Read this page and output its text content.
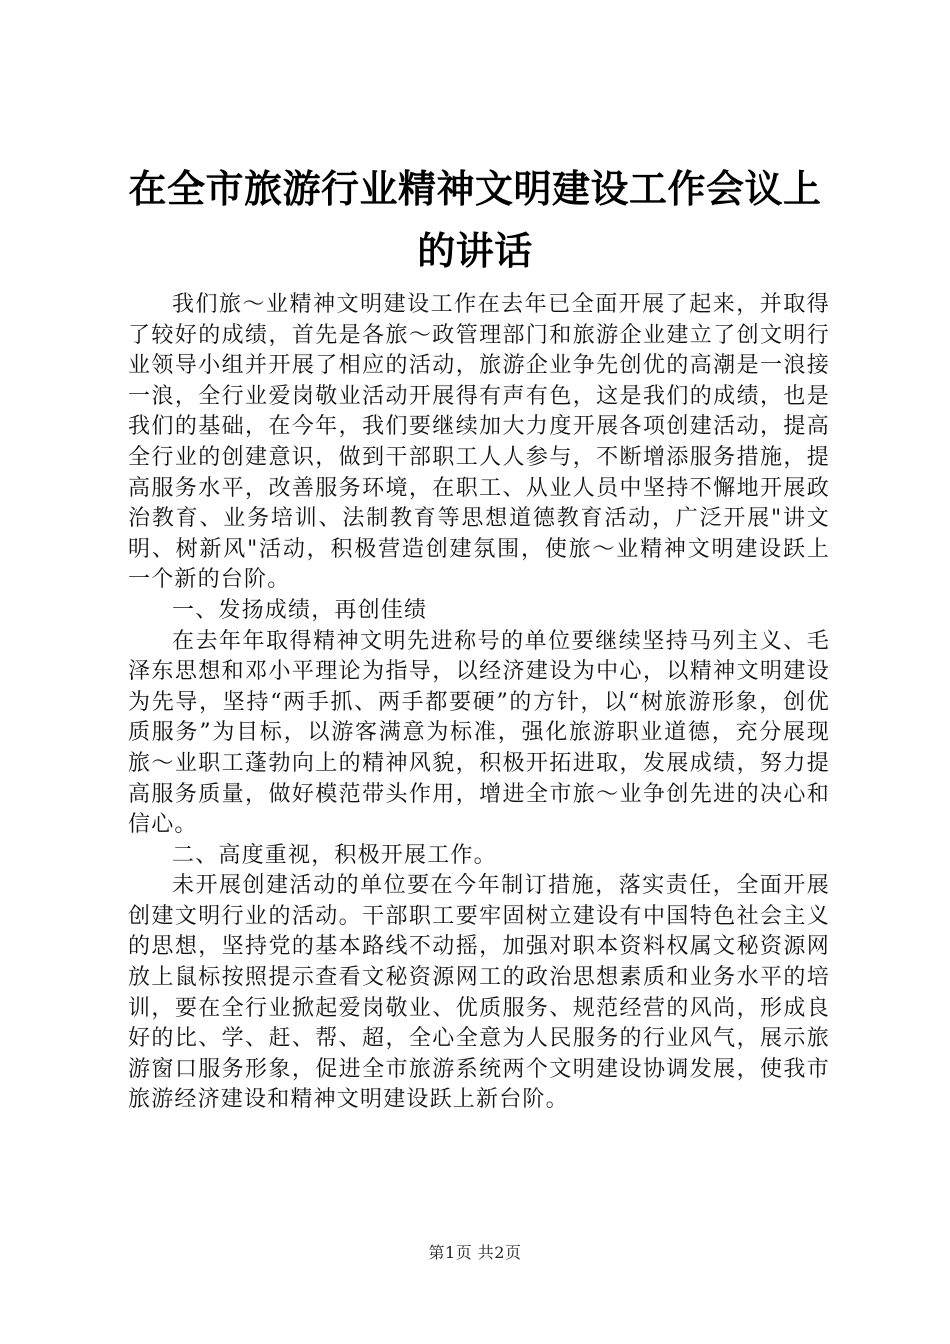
在全市旅游行业精神文明建设工作会议上的讲话

我们旅～业精神文明建设工作在去年已全面开展了起来，并取得了较好的成绩，首先是各旅～政管理部门和旅游企业建立了创文明行业领导小组并开展了相应的活动，旅游企业争先创优的高潮是一浪接一浪，全行业爱岗敬业活动开展得有声有色，这是我们的成绩，也是我们的基础，在今年，我们要继续加大力度开展各项创建活动，提高全行业的创建意识，做到干部职工人人参与，不断增添服务措施，提高服务水平，改善服务环境，在职工、从业人员中坚持不懈地开展政治教育、业务培训、法制教育等思想道德教育活动，广泛开展"讲文明、树新风"活动，积极营造创建氛围，使旅～业精神文明建设跃上一个新的台阶。

一、发扬成绩，再创佳绩

在去年年取得精神文明先进称号的单位要继续坚持马列主义、毛泽东思想和邓小平理论为指导，以经济建设为中心，以精神文明建设为先导，坚持“两手抓、两手都要硬”的方针，以“树旅游形象，创优质服务”为目标，以游客满意为标准，强化旅游职业道德，充分展现旅～业职工蓬勃向上的精神风貌，积极开拓进取，发展成绩，努力提高服务质量，做好模范带头作用，增进全市旅～业争创先进的决心和信心。

二、高度重视，积极开展工作。

未开展创建活动的单位要在今年制订措施，落实责任，全面开展创建文明行业的活动。干部职工要牢固树立建设有中国特色社会主义的思想，坚持党的基本路线不动摇，加强对职本资料权属文秘资源网放上鼠标按照提示查看文秘资源网工的政治思想素质和业务水平的培训，要在全行业掀起爱岗敬业、优质服务、规范经营的风尚，形成良好的比、学、赶、帮、超，全心全意为人民服务的行业风气，展示旅游窗口服务形象，促进全市旅游系统两个文明建设协调发展，使我市旅游经济建设和精神文明建设跃上新台阶。

第1页 共2页
